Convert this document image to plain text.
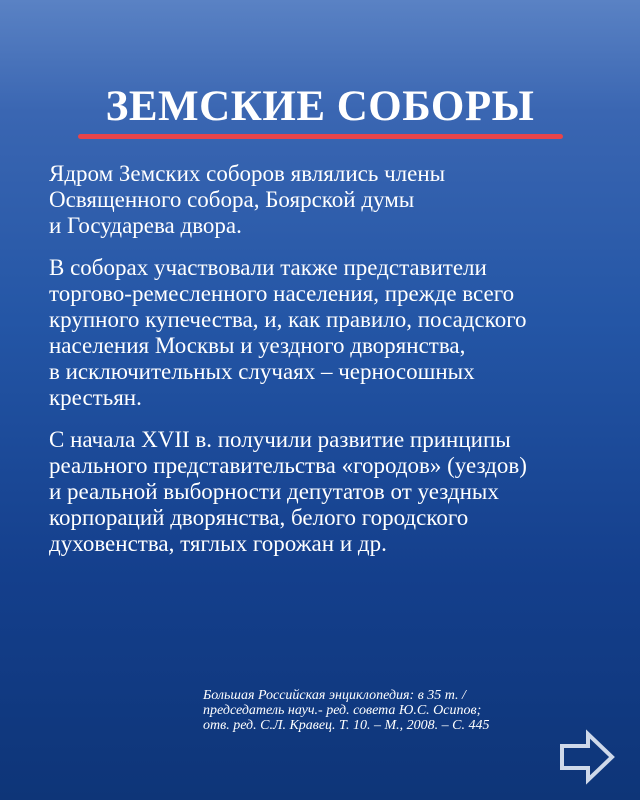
ЗЕМСКИЕ СОБОРЫ

Ядром Земских соборов являлись члены
Освященного собора, Боярской думы
и Государева двора.

В соборах участвовали также представители
торгово-ремесленного населения, прежде всего
крупного купечества, и, как правило, посадского
населения Москвы и уездного дворянства,
в исключительных случаях – черносошных
крестьян.

С начала XVII в. получили развитие принципы
реального представительства «городов» (уездов)
и реальной выборности депутатов от уездных
корпораций дворянства, белого городского
духовенства, тяглых горожан и др.

Большая Российская энциклопедия: в 35 т. /
председатель науч.- ред. совета Ю.С. Осипов;
отв. ред. С.Л. Кравец. Т. 10. – М., 2008. – С. 445
